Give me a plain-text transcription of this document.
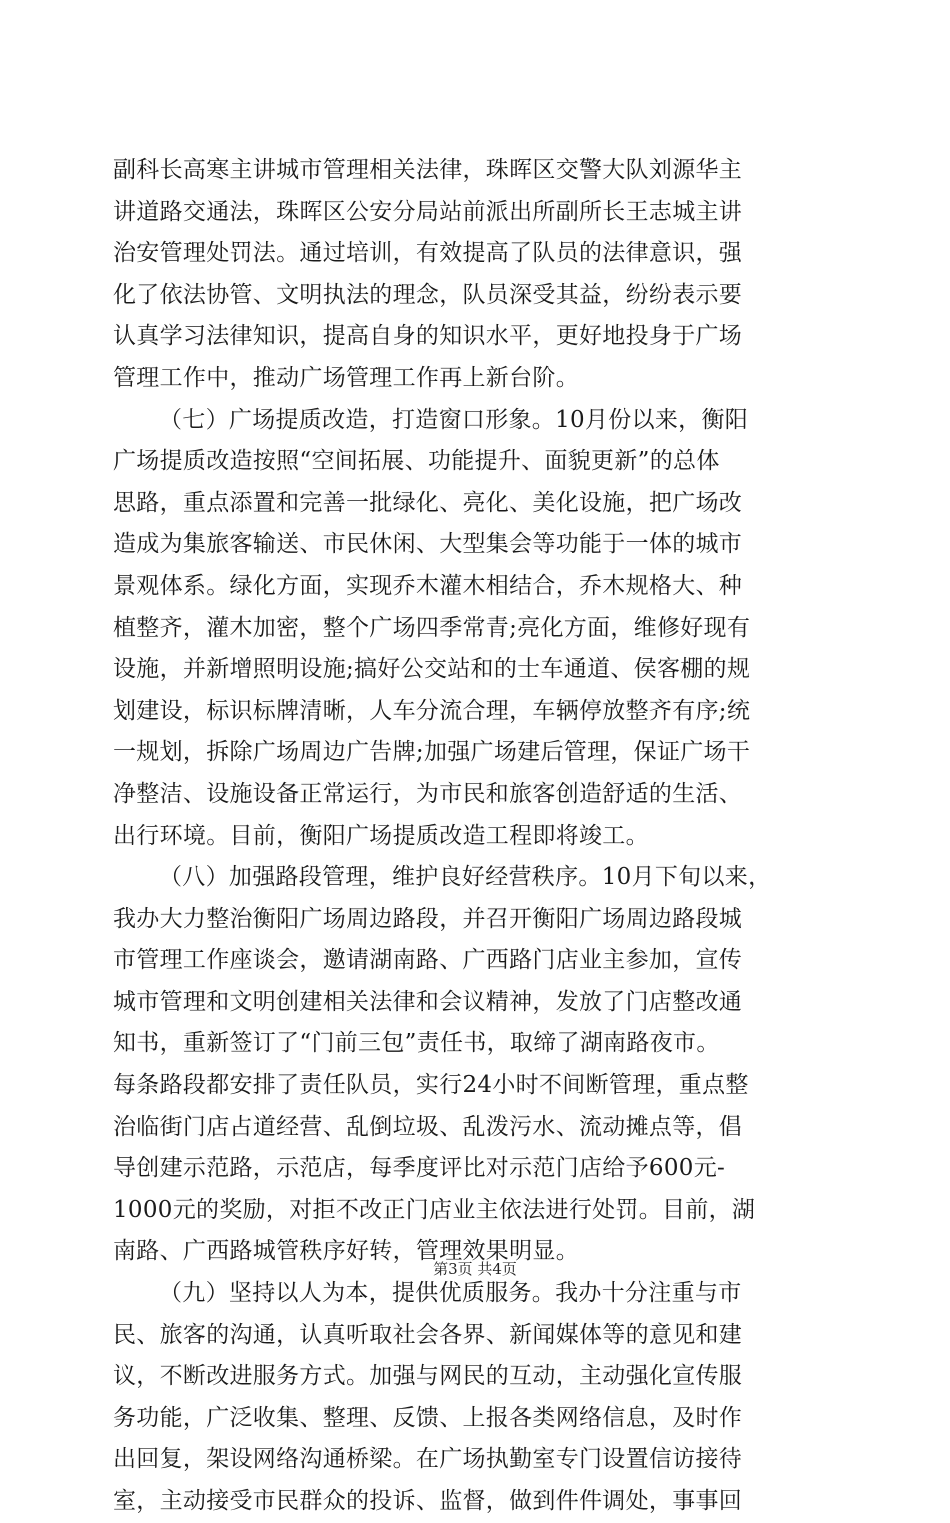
副科长高寒主讲城市管理相关法律，珠晖区交警大队刘源华主
讲道路交通法，珠晖区公安分局站前派出所副所长王志城主讲
治安管理处罚法。通过培训，有效提高了队员的法律意识，强
化了依法协管、文明执法的理念，队员深受其益，纷纷表示要
认真学习法律知识，提高自身的知识水平，更好地投身于广场
管理工作中，推动广场管理工作再上新台阶。
（七）广场提质改造，打造窗口形象。10月份以来，衡阳
广场提质改造按照“空间拓展、功能提升、面貌更新”的总体
思路，重点添置和完善一批绿化、亮化、美化设施，把广场改
造成为集旅客输送、市民休闲、大型集会等功能于一体的城市
景观体系。绿化方面，实现乔木灌木相结合，乔木规格大、种
植整齐，灌木加密，整个广场四季常青;亮化方面，维修好现有
设施，并新增照明设施;搞好公交站和的士车通道、侯客棚的规
划建设，标识标牌清晰，人车分流合理，车辆停放整齐有序;统
一规划，拆除广场周边广告牌;加强广场建后管理，保证广场干
净整洁、设施设备正常运行，为市民和旅客创造舒适的生活、
出行环境。目前，衡阳广场提质改造工程即将竣工。
（八）加强路段管理，维护良好经营秩序。10月下旬以来，
我办大力整治衡阳广场周边路段，并召开衡阳广场周边路段城
市管理工作座谈会，邀请湖南路、广西路门店业主参加，宣传
城市管理和文明创建相关法律和会议精神，发放了门店整改通
知书，重新签订了“门前三包”责任书，取缔了湖南路夜市。
每条路段都安排了责任队员，实行24小时不间断管理，重点整
治临街门店占道经营、乱倒垃圾、乱泼污水、流动摊点等，倡
导创建示范路，示范店，每季度评比对示范门店给予600元-
1000元的奖励，对拒不改正门店业主依法进行处罚。目前，湖
南路、广西路城管秩序好转，管理效果明显。
（九）坚持以人为本，提供优质服务。我办十分注重与市
民、旅客的沟通，认真听取社会各界、新闻媒体等的意见和建
议，不断改进服务方式。加强与网民的互动，主动强化宣传服
务功能，广泛收集、整理、反馈、上报各类网络信息，及时作
出回复，架设网络沟通桥梁。在广场执勤室专门设置信访接待
室，主动接受市民群众的投诉、监督，做到件件调处，事事回
第3页 共4页
